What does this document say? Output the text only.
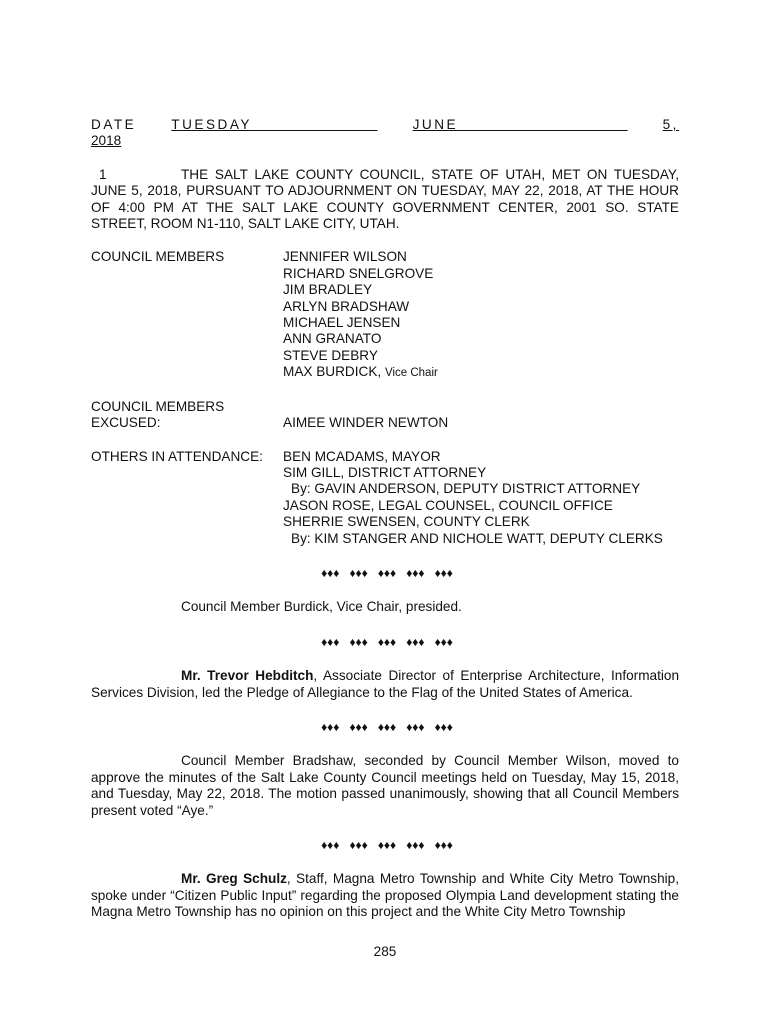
DATE	TUESDAY	JUNE	5,
2018

1	THE SALT LAKE COUNTY COUNCIL, STATE OF UTAH, MET ON TUESDAY, JUNE 5, 2018, PURSUANT TO ADJOURNMENT ON TUESDAY, MAY 22, 2018, AT THE HOUR OF 4:00 PM AT THE SALT LAKE COUNTY GOVERNMENT CENTER, 2001 SO. STATE STREET, ROOM N1-110, SALT LAKE CITY, UTAH.

COUNCIL MEMBERS	JENNIFER WILSON
RICHARD SNELGROVE
JIM BRADLEY
ARLYN BRADSHAW
MICHAEL JENSEN
ANN GRANATO
STEVE DEBRY
MAX BURDICK, Vice Chair
COUNCIL MEMBERS
EXCUSED:
	AIMEE WINDER NEWTON
OTHERS IN ATTENDANCE:	BEN MCADAMS, MAYOR
SIM GILL, DISTRICT ATTORNEY
By: GAVIN ANDERSON, DEPUTY DISTRICT ATTORNEY
JASON ROSE, LEGAL COUNSEL, COUNCIL OFFICE
SHERRIE SWENSEN, COUNTY CLERK
By: KIM STANGER AND NICHOLE WATT, DEPUTY CLERKS
♦♦♦ ♦♦♦ ♦♦♦ ♦♦♦ ♦♦♦

Council Member Burdick, Vice Chair, presided.

♦♦♦ ♦♦♦ ♦♦♦ ♦♦♦ ♦♦♦

Mr. Trevor Hebditch, Associate Director of Enterprise Architecture, Information Services Division, led the Pledge of Allegiance to the Flag of the United States of America.

♦♦♦ ♦♦♦ ♦♦♦ ♦♦♦ ♦♦♦

Council Member Bradshaw, seconded by Council Member Wilson, moved to approve the minutes of the Salt Lake County Council meetings held on Tuesday, May 15, 2018, and Tuesday, May 22, 2018. The motion passed unanimously, showing that all Council Members present voted “Aye.”

♦♦♦ ♦♦♦ ♦♦♦ ♦♦♦ ♦♦♦

Mr. Greg Schulz, Staff, Magna Metro Township and White City Metro Township, spoke under “Citizen Public Input” regarding the proposed Olympia Land development stating the Magna Metro Township has no opinion on this project and the White City Metro Township

285
